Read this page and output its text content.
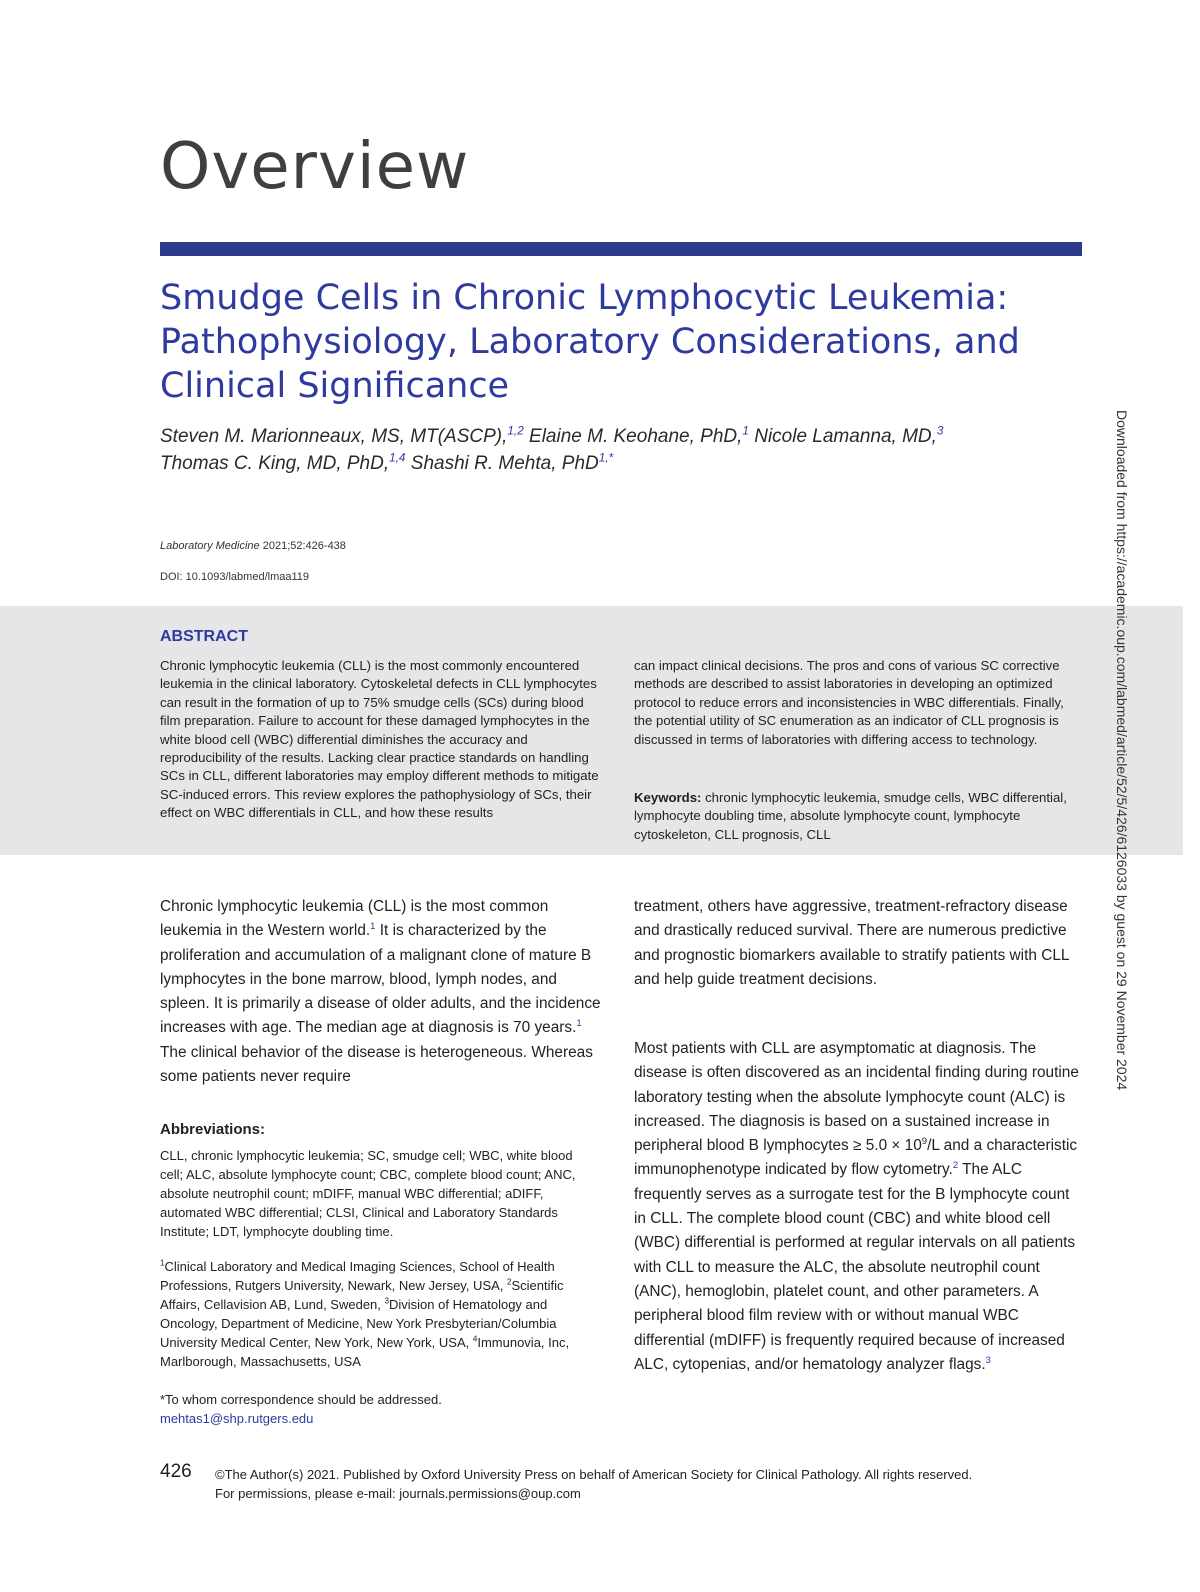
Overview
Smudge Cells in Chronic Lymphocytic Leukemia: Pathophysiology, Laboratory Considerations, and Clinical Significance
Steven M. Marionneaux, MS, MT(ASCP),$^{1,2}$ Elaine M. Keohane, PhD,$^1$ Nicole Lamanna, MD,$^3$
Thomas C. King, MD, PhD,$^{1,4}$ Shashi R. Mehta, PhD$^{1,*}$
Laboratory Medicine 2021;52:426-438
DOI: 10.1093/labmed/lmaa119
ABSTRACT
Chronic lymphocytic leukemia (CLL) is the most commonly encountered leukemia in the clinical laboratory. Cytoskeletal defects in CLL lymphocytes can result in the formation of up to 75% smudge cells (SCs) during blood film preparation. Failure to account for these damaged lymphocytes in the white blood cell (WBC) differential diminishes the accuracy and reproducibility of the results. Lacking clear practice standards on handling SCs in CLL, different laboratories may employ different methods to mitigate SC-induced errors. This review explores the pathophysiology of SCs, their effect on WBC differentials in CLL, and how these results
can impact clinical decisions. The pros and cons of various SC corrective methods are described to assist laboratories in developing an optimized protocol to reduce errors and inconsistencies in WBC differentials. Finally, the potential utility of SC enumeration as an indicator of CLL prognosis is discussed in terms of laboratories with differing access to technology.
Keywords: chronic lymphocytic leukemia, smudge cells, WBC differential, lymphocyte doubling time, absolute lymphocyte count, lymphocyte cytoskeleton, CLL prognosis, CLL
Chronic lymphocytic leukemia (CLL) is the most common leukemia in the Western world.$^1$ It is characterized by the proliferation and accumulation of a malignant clone of mature B lymphocytes in the bone marrow, blood, lymph nodes, and spleen. It is primarily a disease of older adults, and the incidence increases with age. The median age at diagnosis is 70 years.$^1$ The clinical behavior of the disease is heterogeneous. Whereas some patients never require
treatment, others have aggressive, treatment-refractory disease and drastically reduced survival. There are numerous predictive and prognostic biomarkers available to stratify patients with CLL and help guide treatment decisions.
Most patients with CLL are asymptomatic at diagnosis. The disease is often discovered as an incidental finding during routine laboratory testing when the absolute lymphocyte count (ALC) is increased. The diagnosis is based on a sustained increase in peripheral blood B lymphocytes ≥ $5.0 \times 10^9/L$ and a characteristic immunophenotype indicated by flow cytometry.$^2$ The ALC frequently serves as a surrogate test for the B lymphocyte count in CLL. The complete blood count (CBC) and white blood cell (WBC) differential is performed at regular intervals on all patients with CLL to measure the ALC, the absolute neutrophil count (ANC), hemoglobin, platelet count, and other parameters. A peripheral blood film review with or without manual WBC differential (mDIFF) is frequently required because of increased ALC, cytopenias, and/or hematology analyzer flags.$^3$
Abbreviations:
CLL, chronic lymphocytic leukemia; SC, smudge cell; WBC, white blood cell; ALC, absolute lymphocyte count; CBC, complete blood count; ANC, absolute neutrophil count; mDIFF, manual WBC differential; aDIFF, automated WBC differential; CLSI, Clinical and Laboratory Standards Institute; LDT, lymphocyte doubling time.
$^1$Clinical Laboratory and Medical Imaging Sciences, School of Health Professions, Rutgers University, Newark, New Jersey, USA, $^2$Scientific Affairs, Cellavision AB, Lund, Sweden, $^3$Division of Hematology and Oncology, Department of Medicine, New York Presbyterian/Columbia University Medical Center, New York, New York, USA, $^4$Immunovia, Inc, Marlborough, Massachusetts, USA
*To whom correspondence should be addressed.
mehtas1@shp.rutgers.edu
426 ©The Author(s) 2021. Published by Oxford University Press on behalf of American Society for Clinical Pathology. All rights reserved.
For permissions, please e-mail: journals.permissions@oup.com
Downloaded from https://academic.oup.com/labmed/article/52/5/426/6126033 by guest on 29 November 2024
